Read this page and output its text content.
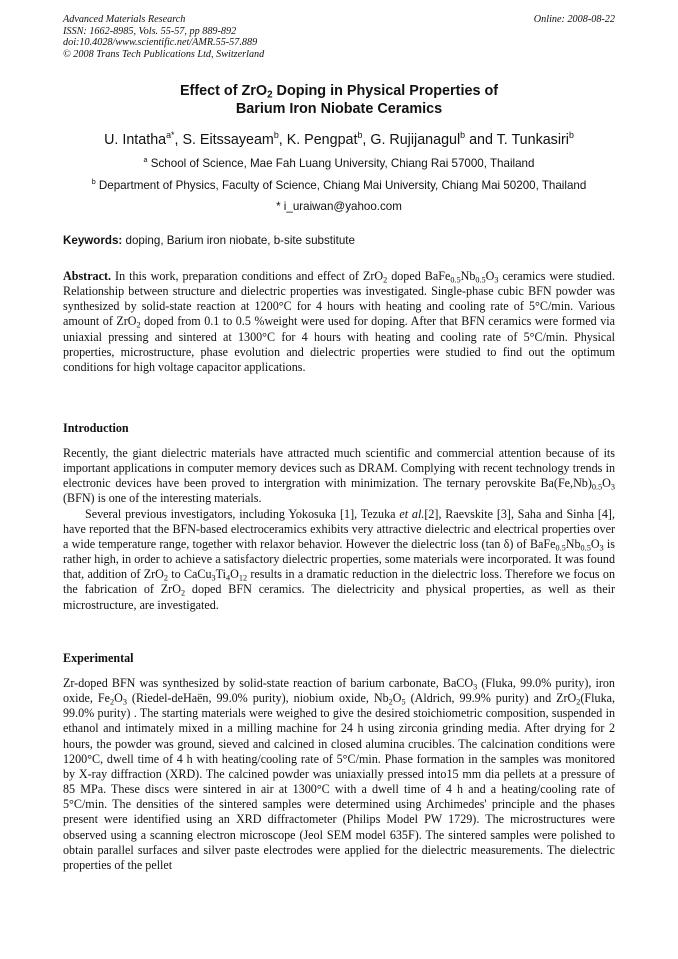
Advanced Materials Research
ISSN: 1662-8985, Vols. 55-57, pp 889-892
doi:10.4028/www.scientific.net/AMR.55-57.889
© 2008 Trans Tech Publications Ltd, Switzerland
Online: 2008-08-22
Effect of ZrO$_2$ Doping in Physical Properties of
Barium Iron Niobate Ceramics
U. Intatha$^{a*}$, S. Eitssayeam$^b$, K. Pengpat$^b$, G. Rujijanagul$^b$ and T. Tunkasiri$^b$
$^a$ School of Science, Mae Fah Luang University, Chiang Rai 57000, Thailand
$^b$ Department of Physics, Faculty of Science, Chiang Mai University, Chiang Mai 50200, Thailand
* i_uraiwan@yahoo.com
Keywords: doping, Barium iron niobate, b-site substitute
Abstract. In this work, preparation conditions and effect of ZrO$_2$ doped $BaFe_{0.5}Nb_{0.5}O_3$ ceramics were studied. Relationship between structure and dielectric properties was investigated. Single-phase cubic BFN powder was synthesized by solid-state reaction at 1200°C for 4 hours with heating and cooling rate of 5°C/min. Various amount of ZrO$_2$ doped from 0.1 to 0.5 %weight were used for doping. After that BFN ceramics were formed via uniaxial pressing and sintered at 1300°C for 4 hours with heating and cooling rate of 5°C/min. Physical properties, microstructure, phase evolution and dielectric properties were studied to find out the optimum conditions for high voltage capacitor applications.
Introduction

Recently, the giant dielectric materials have attracted much scientific and commercial attention because of its important applications in computer memory devices such as DRAM. Complying with recent technology trends in electronic devices have been proved to intergration with minimization. The ternary perovskite $Ba(Fe,Nb)_{0.5}O_3$ (BFN) is one of the interesting materials.

Several previous investigators, including Yokosuka [1], Tezuka et al.[2], Raevskite [3], Saha and Sinha [4], have reported that the BFN-based electroceramics exhibits very attractive dielectric and electrical properties over a wide temperature range, together with relaxor behavior. However the dielectric loss (tan δ) of $BaFe_{0.5}Nb_{0.5}O_3$ is rather high, in order to achieve a satisfactory dielectric properties, some materials were incorporated. It was found that, addition of ZrO$_2$ to $CaCu_3Ti_4O_{12}$ results in a dramatic reduction in the dielectric loss. Therefore we focus on the fabrication of ZrO$_2$ doped BFN ceramics. The dielectricity and physical properties, as well as their microstructure, are investigated.

Experimental

Zr-doped BFN was synthesized by solid-state reaction of barium carbonate, BaCO$_3$ (Fluka, 99.0% purity), iron oxide, $Fe_2O_3$ (Riedel-deHaën, 99.0% purity), niobium oxide, $Nb_2O_5$ (Aldrich, 99.9% purity) and ZrO$_2$(Fluka, 99.0% purity) . The starting materials were weighed to give the desired stoichiometric composition, suspended in ethanol and intimately mixed in a milling machine for 24 h using zirconia grinding media. After drying for 2 hours, the powder was ground, sieved and calcined in closed alumina crucibles. The calcination conditions were 1200°C, dwell time of 4 h with heating/cooling rate of 5°C/min. Phase formation in the samples was monitored by X-ray diffraction (XRD). The calcined powder was uniaxially pressed into15 mm dia pellets at a pressure of 85 MPa. These discs were sintered in air at 1300°C with a dwell time of 4 h and a heating/cooling rate of 5°C/min. The densities of the sintered samples were determined using Archimedes' principle and the phases present were identified using an XRD diffractometer (Philips Model PW 1729). The microstructures were observed using a scanning electron microscope (Jeol SEM model 635F). The sintered samples were polished to obtain parallel surfaces and silver paste electrodes were applied for the dielectric measurements. The dielectric properties of the pellet
